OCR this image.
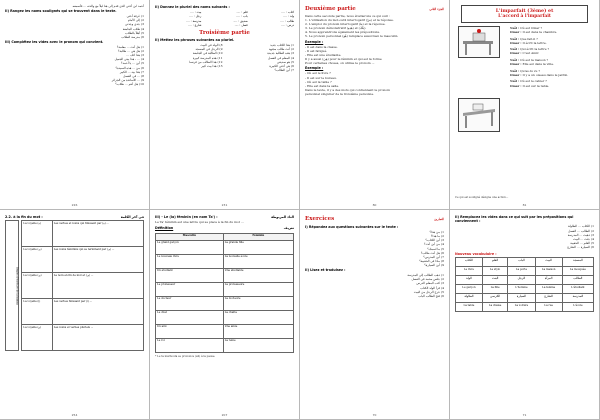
أحمد ابن أختي الذي قدم إلى هنا ليلاً مع والدته ... فأسمعه.
II) Rangez les noms soulignés qui se trouvent dans le texte.
1) غرفة أختي
2) إلى الأمام
3) جدي وجدتي
4) طلاب الجامعة
5) أهلاً بالطلاب
6) مدرسة الطلاب
III) Complétez les vides avec le pronom qui convient.
1) هل أنت ... معلمة؟
2) هل هي ... طالبة؟
3) هذا كتابـ ...
4) ... ، هذا بيتي الجميل
5) أين ... يا أحمد؟
6) من ... هذه السيدة؟
7) هذا بيتـ ... الكبير
8) ... في الفصل
9) ... الأساتذة من الجزائر
10) هل أنتم ... طلاب؟
226
II) Donnez le pluriel des noms suivants :
كتاب : ....
قلم : ....
بيت : ....
ولد : ....
باب : ....
رجل : ....
طالب : ....
صديق : ....
مدرسة : ....
درس : ....
فصل : ....
شارع : ....
Troisième partie
II) Mettez les phrases suivantes au pluriel.
8) الولد في البيت
9) الرجل في المسجد
10) الطالبة في الجامعة
11) هذه المدرسة كبيرة
12) هذا الطالب من فرنسا
13) هذا بيت كبير
1) هذا الكتاب جديد
2) أنت طالب مجتهد
3) هذه الطالبة جديدة
4) المعلم في الفصل
5) هو صديقي
6) هي أختي الكبيرة
7) أين الطالب؟
231
Deuxième partie	الجزء الثاني
Dans cette seconde partie, nous étudierons ce qui suit :
1. L'utilisation du mot-outil interrogatif (مَنْ) et la réponse.
2. L'emploi du pronom interrogatif (مَا) et la réponse.
3. Le pronom démonstratif (هَذِهِ) et (تِلْكَ).
4. Nous apprendrons également les prépositions.
5. Le pronom personnel (هُوَ) remplace aussi bien le masculin.
Exemple :
- Il est dans la classe.
- Il est fatigué.
- Elle est une étudiante.
Il y a aussi (هِيَ) pour le féminin et qui est la forme
Pour certaines choses, on utilise le pronom ...
Exemple :
- Où est le livre ?
- Il est sur le bureau.
- Où est la table ?
- Elle est dans la salle.
Dans le texte, il y a des mots qui contiennent le pronom
personnel singulier de la troisième personne.
80
L'imparfait (3ème) et
L'accord à l'imparfait
Naïl : Où est Omar ?
Omar : Il est dans la chambre.
Naïl : Que fait-il ?
Omar : Il écrit la lettre.
Naïl : Qui écrit la lettre ?
Omar : C'est Amir.
Naïl : Où est la maison ?
Omar : Elle est dans la ville.
Naïl : Qu'as-tu vu ?
Omar : Il y a un oiseau dans le jardin.
Naïl : Où est le cahier ?
Omar : Il est sur la table.
Ce qui est souligné désigne une action...
81
2.2. à la fin du mot :	في آخر الكلمة
Règles d'écriture de la hamza
La voyelle (ة)	Les verbes et noms qui finissent par (ة) ...
La voyelle (ى)	Les noms féminins qui se terminent par (ى) ...
La voyelle (ي)	Le nom en fin de mot et (ي) ...
La voyelle (ا)	Les verbes finissant par (ا) ...
La voyelle (و)	Les noms et verbes pluriels ...
254
III) - Le (la) féminin (en nom Ta') :	التاء المربوطة
Le Ta' féminin est une lettre qui se place à la fin du mot ...
Définition	تعريف
Masculin	Féminin
Le grand garçon	La grande fille
Le nouveau livre	La nouvelle école
Un étudiant	Une étudiante
Le professeur	La professeure
Le docteur	La docteure
Le chat	La chatte
Un ami	Une amie
Le roi	La reine
* Le ta marbouta se prononce (ah) à la pause.
207
Exercices	التمارين
I) Répondez aux questions suivantes sur le texte :
1) من هذا؟
2) ما هذا؟
3) أين الكتاب؟
4) من أين أنت؟
5) ما اسمك؟
6) هل أنت طالب؟
7) أين المدرس؟
8) ماذا في الحقيبة؟
9) أين السيارة؟
II) Lisez et traduisez :
1) ذهب الطالب إلى المدرسة
2) جلس محمد في الفصل
3) كتب المعلم الدرس
4) قرأ الولد الكتاب
5) خرج الرجل من البيت
6) فتح الطالب الباب
70
II) Remplacez les vides dans ce qui suit par les prépositions qui conviennent :
1) الكتاب ... الطاولة
2) الطالب ... الفصل
3) ذهبت ... المدرسة
4) جئت ... البيت
5) القلم ... الحقيبة
6) السيارة ... الشارع
Nouveau vocabulaire :
الكتاب	القلم	الباب	البيت	المسجد
Le livre	Le stylo	La porte	La maison	La mosquée
الولد	البنت	الرجل	المرأة	الطالب
Le garçon	La fille	L'homme	La femme	L'étudiant
الطاولة	الكرسي	السيارة	الشارع	المدرسة
La table	La chaise	La voiture	La rue	L'école
71
